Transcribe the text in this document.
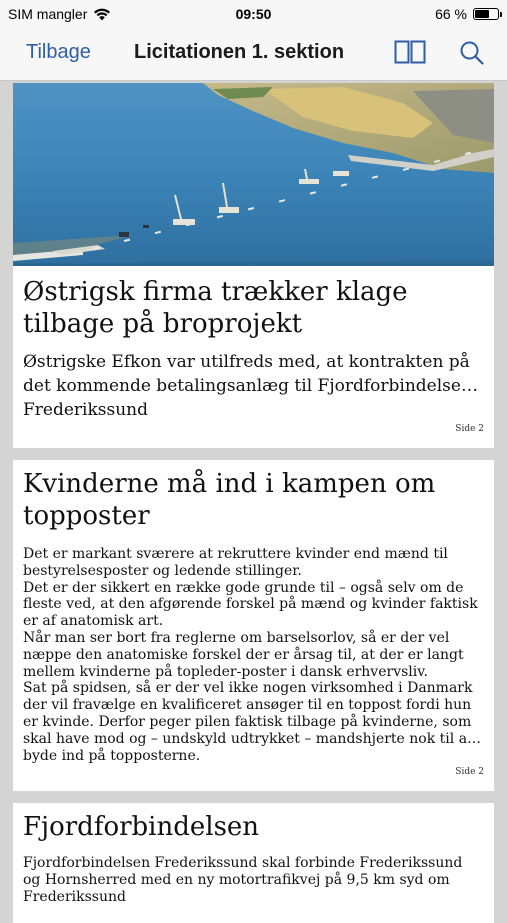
SIM mangler	09:50	66 %
Tilbage Licitationen 1. sektion
Østrigsk firma trækker klage tilbage på broprojekt

Østrigske Efkon var utilfreds med, at kontrakten på det kommende betalingsanlæg til Fjordforbindelsen Frederikssund

Side 2
Kvinderne må ind i kampen om topposter

Det er markant sværere at rekruttere kvinder end mænd til bestyrelsesposter og ledende stillinger.Det er der sikkert en række gode grunde til – også selv om de fleste ved, at den afgørende forskel på mænd og kvinder faktisk er af anatomisk art.Når man ser bort fra reglerne om barselsorlov, så er der vel næppe den anatomiske forskel der er årsag til, at der er langt mellem kvinderne på topleder-poster i dansk erhvervsliv.Sat på spidsen, så er der vel ikke nogen virksomhed i Danmark der vil fravælge en kvalificeret ansøger til en toppost fordi hun er kvinde. Derfor peger pilen faktisk tilbage på kvinderne, som skal have mod og – undskyld udtrykket – mandshjerte nok til at byde ind på topposterne.

Side 2
Fjordforbindelsen

Fjordforbindelsen Frederikssund skal forbinde Frederikssund og Hornsherred med en ny motortrafikvej på 9,5 km syd om Frederikssund
